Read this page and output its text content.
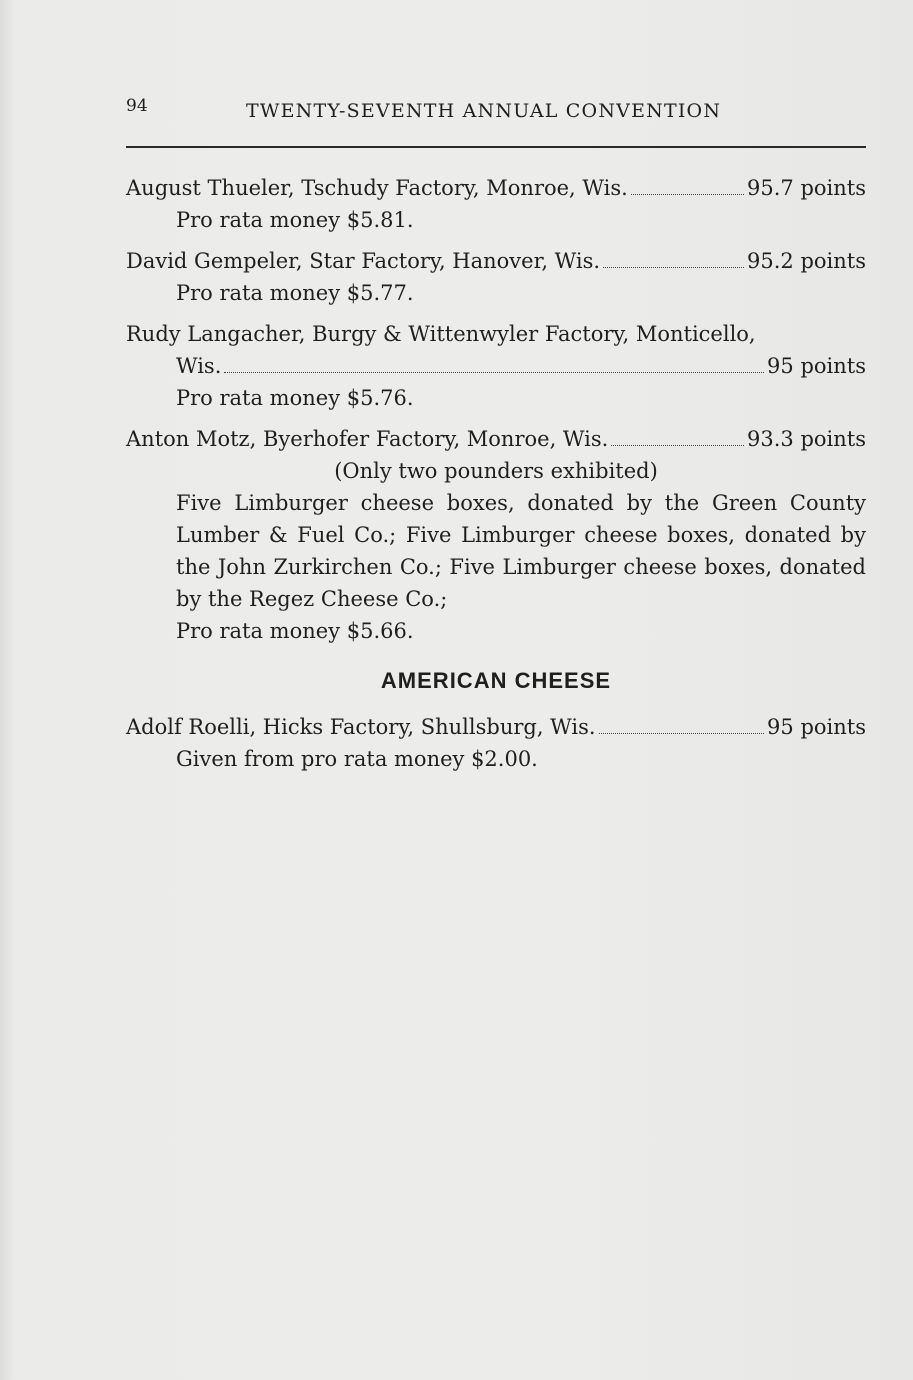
94	TWENTY-SEVENTH ANNUAL CONVENTION
August Thueler, Tschudy Factory, Monroe, Wis.	95.7 points
Pro rata money $5.81.
David Gempeler, Star Factory, Hanover, Wis.	95.2 points
Pro rata money $5.77.
Rudy Langacher, Burgy & Wittenwyler Factory, Monticello,
Wis.	95 points
Pro rata money $5.76.
Anton Motz, Byerhofer Factory, Monroe, Wis.	93.3 points
(Only two pounders exhibited)
Five Limburger cheese boxes, donated by the Green County Lumber & Fuel Co.; Five Limburger cheese boxes, donated by the John Zurkirchen Co.; Five Limburger cheese boxes, donated by the Regez Cheese Co.;
Pro rata money $5.66.
AMERICAN CHEESE
Adolf Roelli, Hicks Factory, Shullsburg, Wis.	95 points
Given from pro rata money $2.00.
